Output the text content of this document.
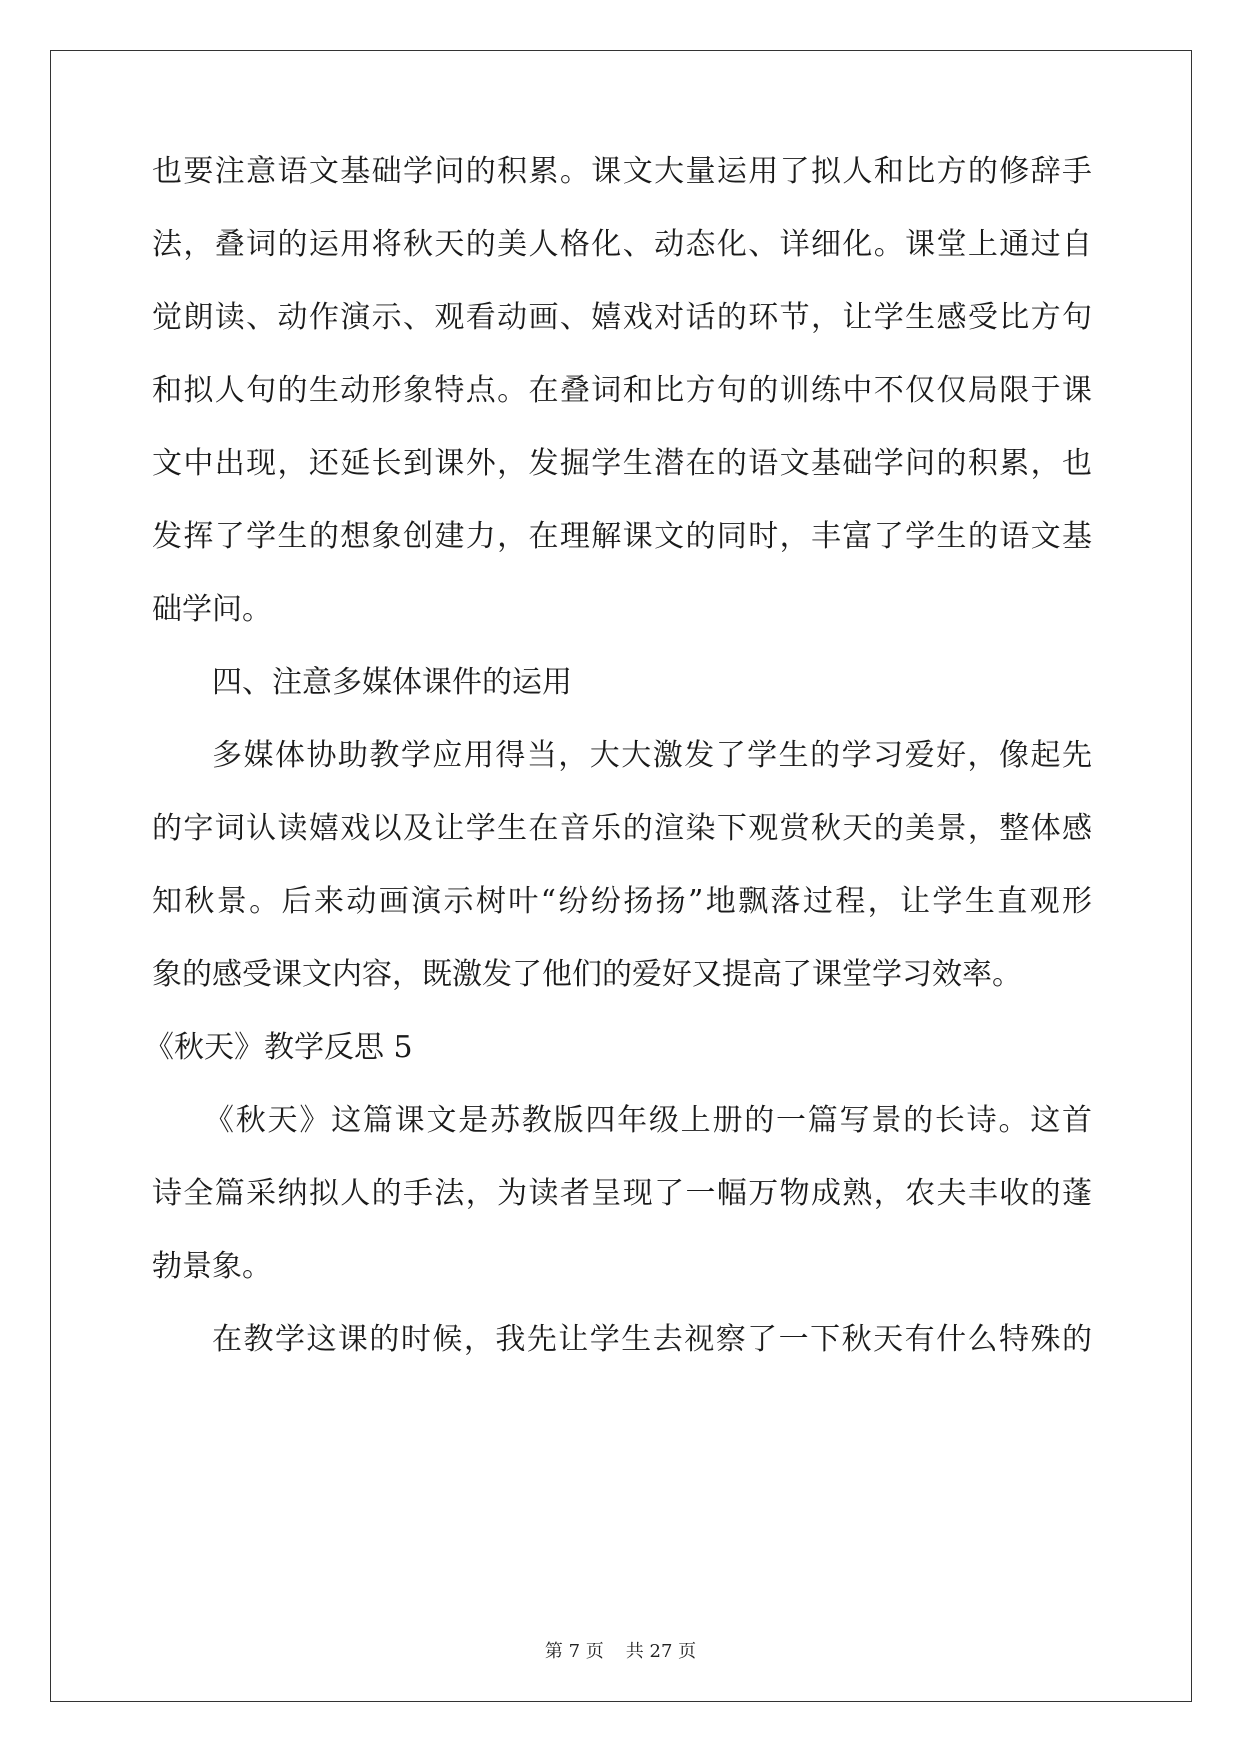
也要注意语文基础学问的积累。课文大量运用了拟人和比方的修辞手
法，叠词的运用将秋天的美人格化、动态化、详细化。课堂上通过自
觉朗读、动作演示、观看动画、嬉戏对话的环节，让学生感受比方句
和拟人句的生动形象特点。在叠词和比方句的训练中不仅仅局限于课
文中出现，还延长到课外，发掘学生潜在的语文基础学问的积累，也
发挥了学生的想象创建力，在理解课文的同时，丰富了学生的语文基
础学问。
四、注意多媒体课件的运用
多媒体协助教学应用得当，大大激发了学生的学习爱好，像起先
的字词认读嬉戏以及让学生在音乐的渲染下观赏秋天的美景，整体感
知秋景。后来动画演示树叶“纷纷扬扬”地飘落过程，让学生直观形
象的感受课文内容，既激发了他们的爱好又提高了课堂学习效率。
《秋天》教学反思 5
《秋天》这篇课文是苏教版四年级上册的一篇写景的长诗。这首
诗全篇采纳拟人的手法，为读者呈现了一幅万物成熟，农夫丰收的蓬
勃景象。
在教学这课的时候，我先让学生去视察了一下秋天有什么特殊的
第 7 页 共 27 页
